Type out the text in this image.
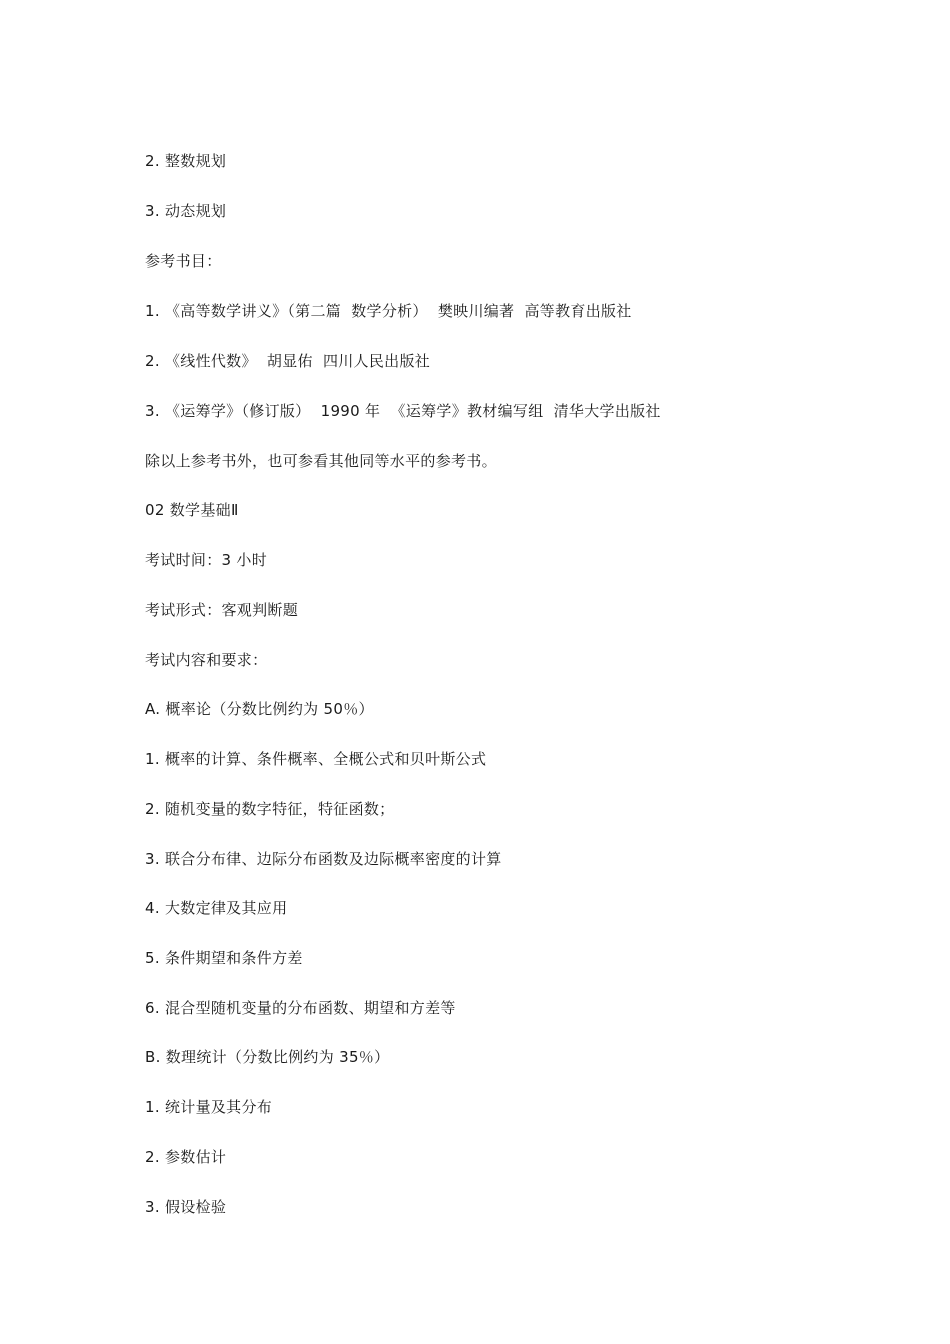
2. 整数规划
3. 动态规划
参考书目：
1. 《高等数学讲义》（第二篇  数学分析）  樊映川编著  高等教育出版社
2. 《线性代数》  胡显佑  四川人民出版社
3. 《运筹学》（修订版）  1990 年  《运筹学》教材编写组  清华大学出版社
除以上参考书外，也可参看其他同等水平的参考书。
02 数学基础Ⅱ
考试时间：3 小时
考试形式：客观判断题
考试内容和要求：
A. 概率论（分数比例约为 50％）
1. 概率的计算、条件概率、全概公式和贝叶斯公式
2. 随机变量的数字特征，特征函数；
3. 联合分布律、边际分布函数及边际概率密度的计算
4. 大数定律及其应用
5. 条件期望和条件方差
6. 混合型随机变量的分布函数、期望和方差等
B. 数理统计（分数比例约为 35％）
1. 统计量及其分布
2. 参数估计
3. 假设检验
